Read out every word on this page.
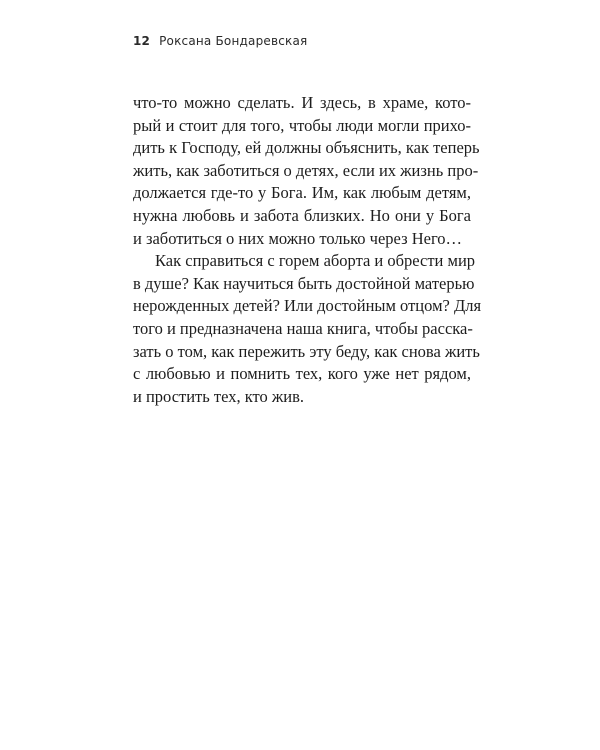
12 Роксана Бондаревская
что-то можно сделать. И здесь, в храме, кото-
рый и стоит для того, чтобы люди могли прихо-
дить к Господу, ей должны объяснить, как теперь
жить, как заботиться о детях, если их жизнь про-
должается где-то у Бога. Им, как любым детям,
нужна любовь и забота близких. Но они у Бога
и заботиться о них можно только через Него…
Как справиться с горем аборта и обрести мир
в душе? Как научиться быть достойной матерью
нерожденных детей? Или достойным отцом? Для
того и предназначена наша книга, чтобы расска-
зать о том, как пережить эту беду, как снова жить
с любовью и помнить тех, кого уже нет рядом,
и простить тех, кто жив.
